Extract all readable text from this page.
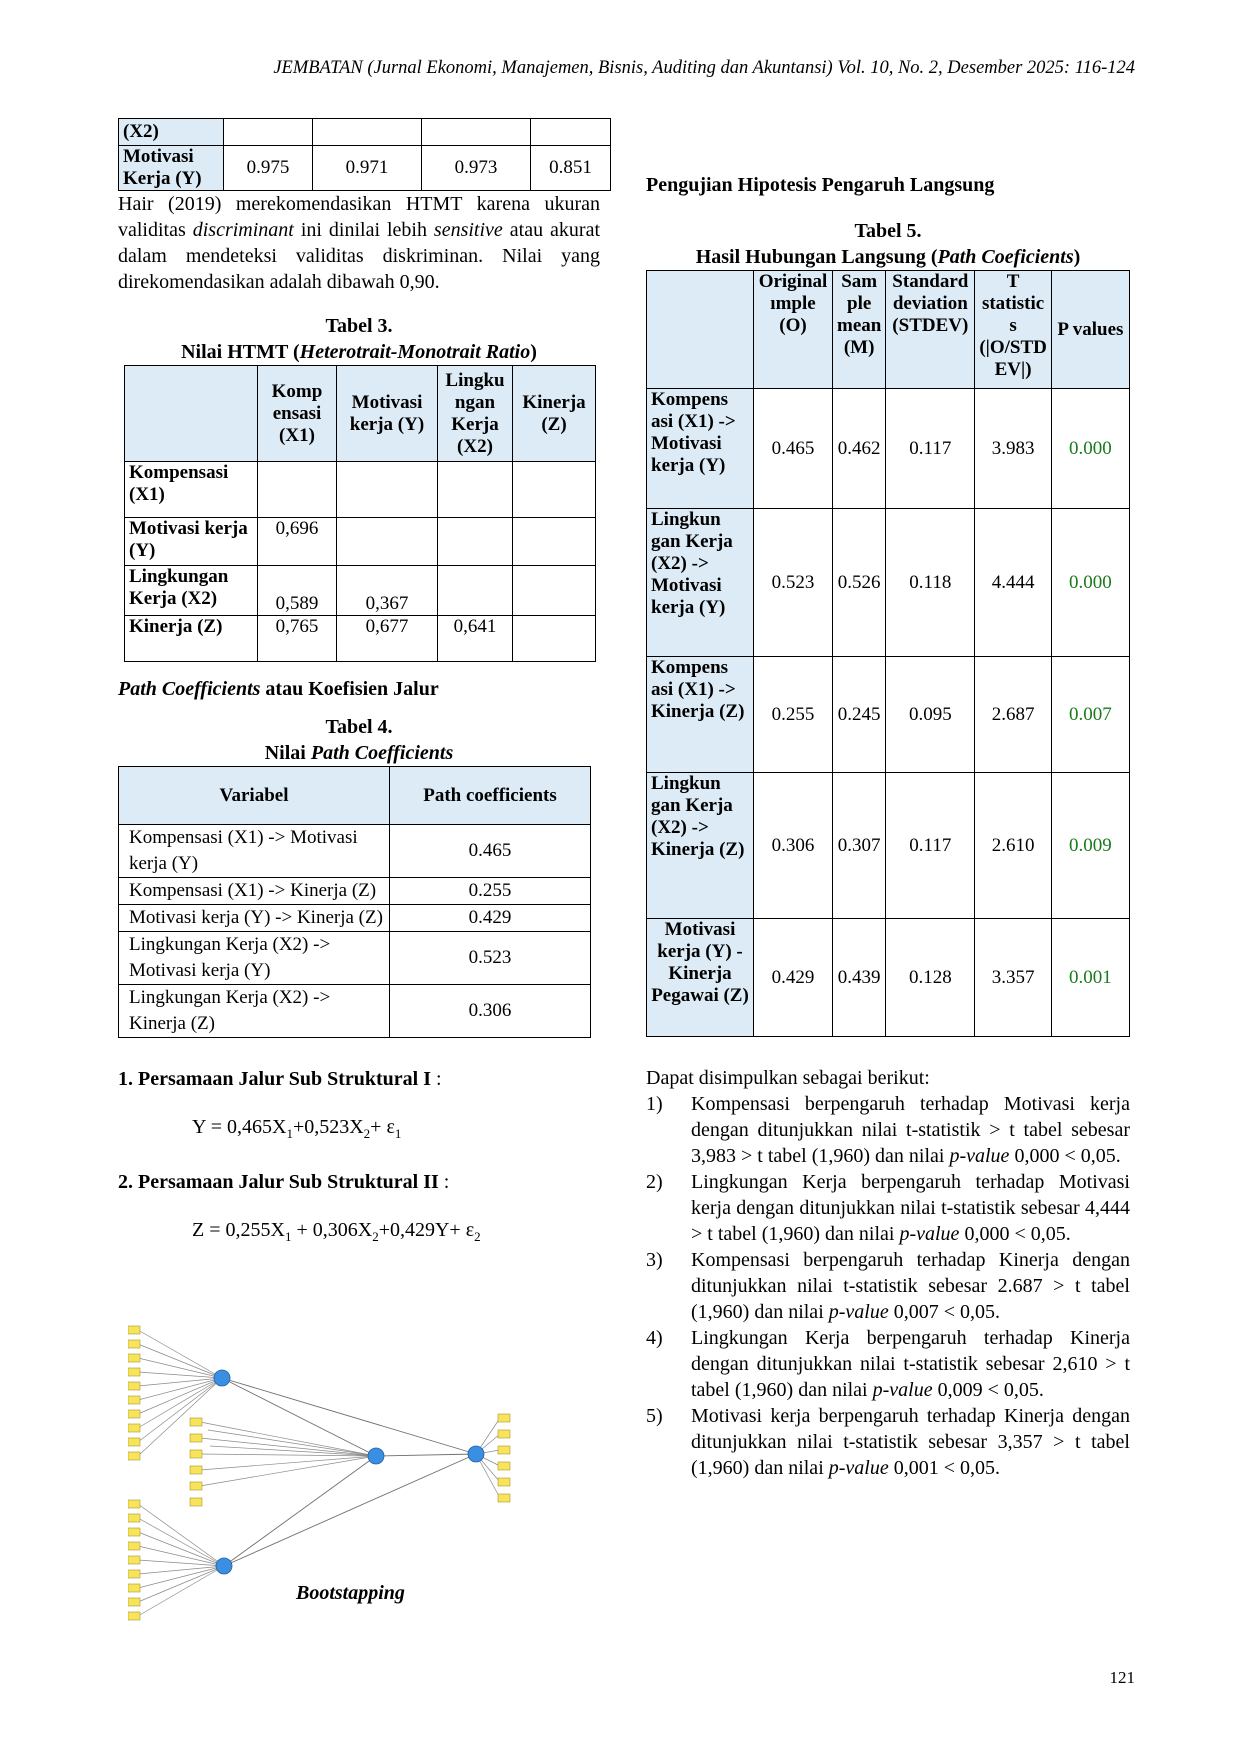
JEMBATAN (Jurnal Ekonomi, Manajemen, Bisnis, Auditing dan Akuntansi) Vol. 10, No. 2, Desember 2025: 116-124
(X2)				
Motivasi Kerja (Y)	0.975	0.971	0.973	0.851

Hair (2019) merekomendasikan HTMT karena ukuran validitas discriminant ini dinilai lebih sensitive atau akurat dalam mendeteksi validitas diskriminan. Nilai yang direkomendasikan adalah dibawah 0,90.

Tabel 3.
Nilai HTMT (Heterotrait-Monotrait Ratio)
	Komp ensasi (X1)	Motivasi kerja (Y)	Lingku ngan Kerja (X2)	Kinerja (Z)
Kompensasi (X1)				
Motivasi kerja (Y)	0,696			
Lingkungan Kerja (X2)	0,589	0,367		
Kinerja (Z)	0,765	0,677	0,641	
Path Coefficients atau Koefisien Jalur
Tabel 4.
Nilai Path Coefficients
Variabel	Path coefficients
Kompensasi (X1) -> Motivasi kerja (Y)	0.465
Kompensasi (X1) -> Kinerja (Z)	0.255
Motivasi kerja (Y) -> Kinerja (Z)	0.429
Lingkungan Kerja (X2) -> Motivasi kerja (Y)	0.523
Lingkungan Kerja (X2) -> Kinerja (Z)	0.306
1. Persamaan Jalur Sub Struktural I :
$Y = 0,465X_1+0,523X_2+ \varepsilon_1$
2. Persamaan Jalur Sub Struktural II :
$Z = 0,255X_1 + 0,306X_2+0,429Y+ \varepsilon_2$
Bootstapping
Pengujian Hipotesis Pengaruh Langsung
Tabel 5.
Hasil Hubungan Langsung (Path Coeficients)
	Original ımple (O)	Sam ple mean (M)	Standard deviation (STDEV)	T statistic s (|O/STD EV|)	P values
Kompens asi (X1) -> Motivasi kerja (Y)	0.465	0.462	0.117	3.983	0.000
Lingkun gan Kerja (X2) -> Motivasi kerja (Y)	0.523	0.526	0.118	4.444	0.000
Kompens asi (X1) -> Kinerja (Z)	0.255	0.245	0.095	2.687	0.007
Lingkun gan Kerja (X2) -> Kinerja (Z)	0.306	0.307	0.117	2.610	0.009
Motivasi kerja (Y) - Kinerja Pegawai (Z)	0.429	0.439	0.128	3.357	0.001
Dapat disimpulkan sebagai berikut:
1) Kompensasi berpengaruh terhadap Motivasi kerja dengan ditunjukkan nilai t-statistik > t tabel sebesar 3,983 > t tabel (1,960) dan nilai p-value 0,000 < 0,05.
2) Lingkungan Kerja berpengaruh terhadap Motivasi kerja dengan ditunjukkan nilai t-statistik sebesar 4,444 > t tabel (1,960) dan nilai p-value 0,000 < 0,05.
3) Kompensasi berpengaruh terhadap Kinerja dengan ditunjukkan nilai t-statistik sebesar 2.687 > t tabel (1,960) dan nilai p-value 0,007 < 0,05.
4) Lingkungan Kerja berpengaruh terhadap Kinerja dengan ditunjukkan nilai t-statistik sebesar 2,610 > t tabel (1,960) dan nilai p-value 0,009 < 0,05.
5) Motivasi kerja berpengaruh terhadap Kinerja dengan ditunjukkan nilai t-statistik sebesar 3,357 > t tabel (1,960) dan nilai p-value 0,001 < 0,05.
121
